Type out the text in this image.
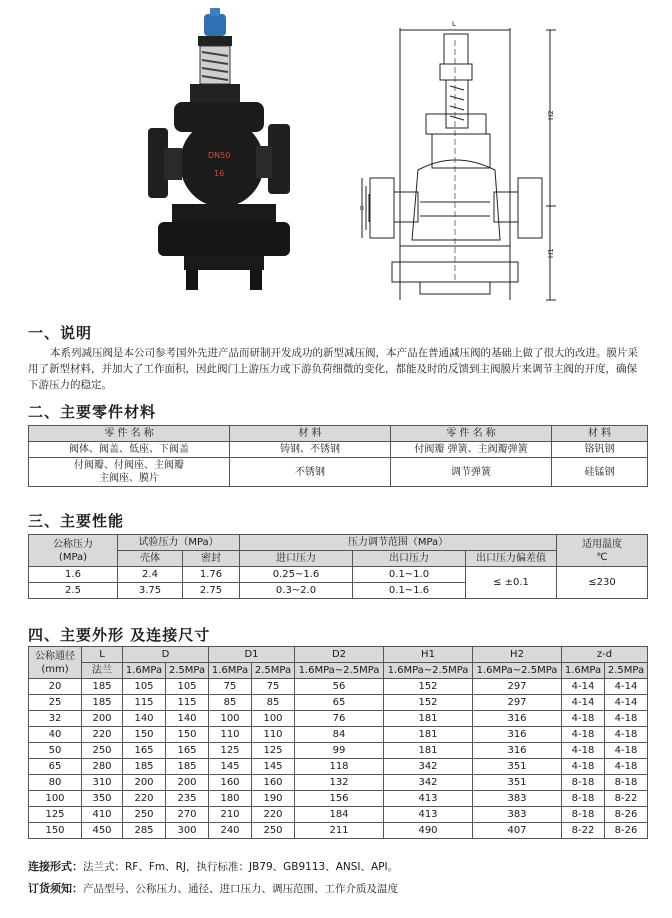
DN50
16
L
H2
H1
D
一、说明
本系列减压阀是本公司参考国外先进产品而研制开发成功的新型减压阀，本产品在普通减压阀的基础上做了很大的改进。膜片采用了新型材料，并加大了工作面积，因此阀门上游压力或下游负荷细微的变化，都能及时的反馈到主阀膜片来调节主阀的开度，确保下游压力的稳定。
二、主要零件材料
零 件 名 称	材 料	零 件 名 称	材 料
阀体、阀盖、低座、下阀盖	铸钢、不锈钢	付阀瓣 弹簧、主阀瓣弹簧	铬钒钢
付阀瓣、付阀座、主阀瓣
主阀座、膜片	不锈钢	调节弹簧	硅锰钢
三、主要性能
公称压力
(MPa)	试验压力（MPa）		压力调节范围（MPa）			适用温度
℃
	壳体	密封	进口压力	出口压力	出口压力偏差值	
1.6	2.4	1.76	0.25~1.6	0.1~1.0	≤ ±0.1	≤230
2.5	3.75	2.75	0.3~2.0	0.1~1.6		
四、主要外形 及连接尺寸
公称通径
(mm)	L	D		D1		D2	H1	H2	z-d	
	法兰	1.6MPa	2.5MPa	1.6MPa	2.5MPa	1.6MPa~2.5MPa	1.6MPa~2.5MPa	1.6MPa~2.5MPa	1.6MPa	2.5MPa
20	185	105	105	75	75	56	152	297	4-14	4-14
25	185	115	115	85	85	65	152	297	4-14	4-14
32	200	140	140	100	100	76	181	316	4-18	4-18
40	220	150	150	110	110	84	181	316	4-18	4-18
50	250	165	165	125	125	99	181	316	4-18	4-18
65	280	185	185	145	145	118	342	351	4-18	4-18
80	310	200	200	160	160	132	342	351	8-18	8-18
100	350	220	235	180	190	156	413	383	8-18	8-22
125	410	250	270	210	220	184	413	383	8-18	8-26
150	450	285	300	240	250	211	490	407	8-22	8-26
连接形式：法兰式：RF、Fm、RJ，执行标准：JB79、GB9113、ANSI、API。
订货须知：产品型号、公称压力、通径、进口压力、调压范围、工作介质及温度
